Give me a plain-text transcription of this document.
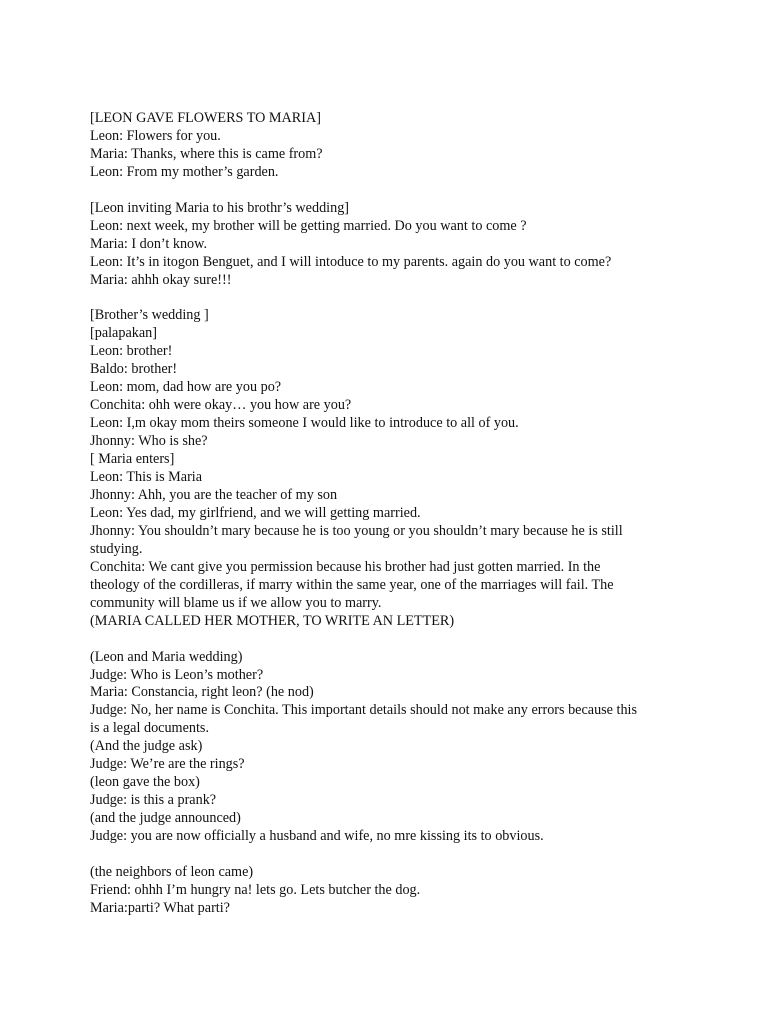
[LEON GAVE FLOWERS TO MARIA]
Leon: Flowers for you.
Maria: Thanks, where this is came from?
Leon: From my mother’s garden.
[Leon inviting Maria to his brothr’s wedding]
Leon: next week, my brother will be getting married. Do you want to come ?
Maria: I don’t know.
Leon: It’s in itogon Benguet, and I will intoduce to my parents. again do you want to come?
Maria: ahhh okay sure!!!
[Brother’s wedding ]
[palapakan]
Leon: brother!
Baldo: brother!
Leon: mom, dad how are you po?
Conchita: ohh were okay… you how are you?
Leon: I,m okay mom theirs someone I would like to introduce to all of you.
Jhonny: Who is she?
[ Maria enters]
Leon: This is Maria
Jhonny: Ahh, you are the teacher of my son
Leon: Yes dad, my girlfriend, and we will getting married.
Jhonny: You shouldn’t mary because he is too young or you shouldn’t mary because he is still
studying.
Conchita: We cant give you permission because his brother had just gotten married. In the
theology of the cordilleras, if marry within the same year, one of the marriages will fail. The
community will blame us if we allow you to marry.
(MARIA CALLED HER MOTHER, TO WRITE AN LETTER)
(Leon and Maria wedding)
Judge: Who is Leon’s mother?
Maria: Constancia, right leon? (he nod)
Judge: No, her name is Conchita. This important details should not make any errors because this
is a legal documents.
(And the judge ask)
Judge: We’re are the rings?
(leon gave the box)
Judge: is this a prank?
(and the judge announced)
Judge: you are now officially a husband and wife, no mre kissing its to obvious.
(the neighbors of leon came)
Friend: ohhh I’m hungry na! lets go. Lets butcher the dog.
Maria:parti? What parti?
